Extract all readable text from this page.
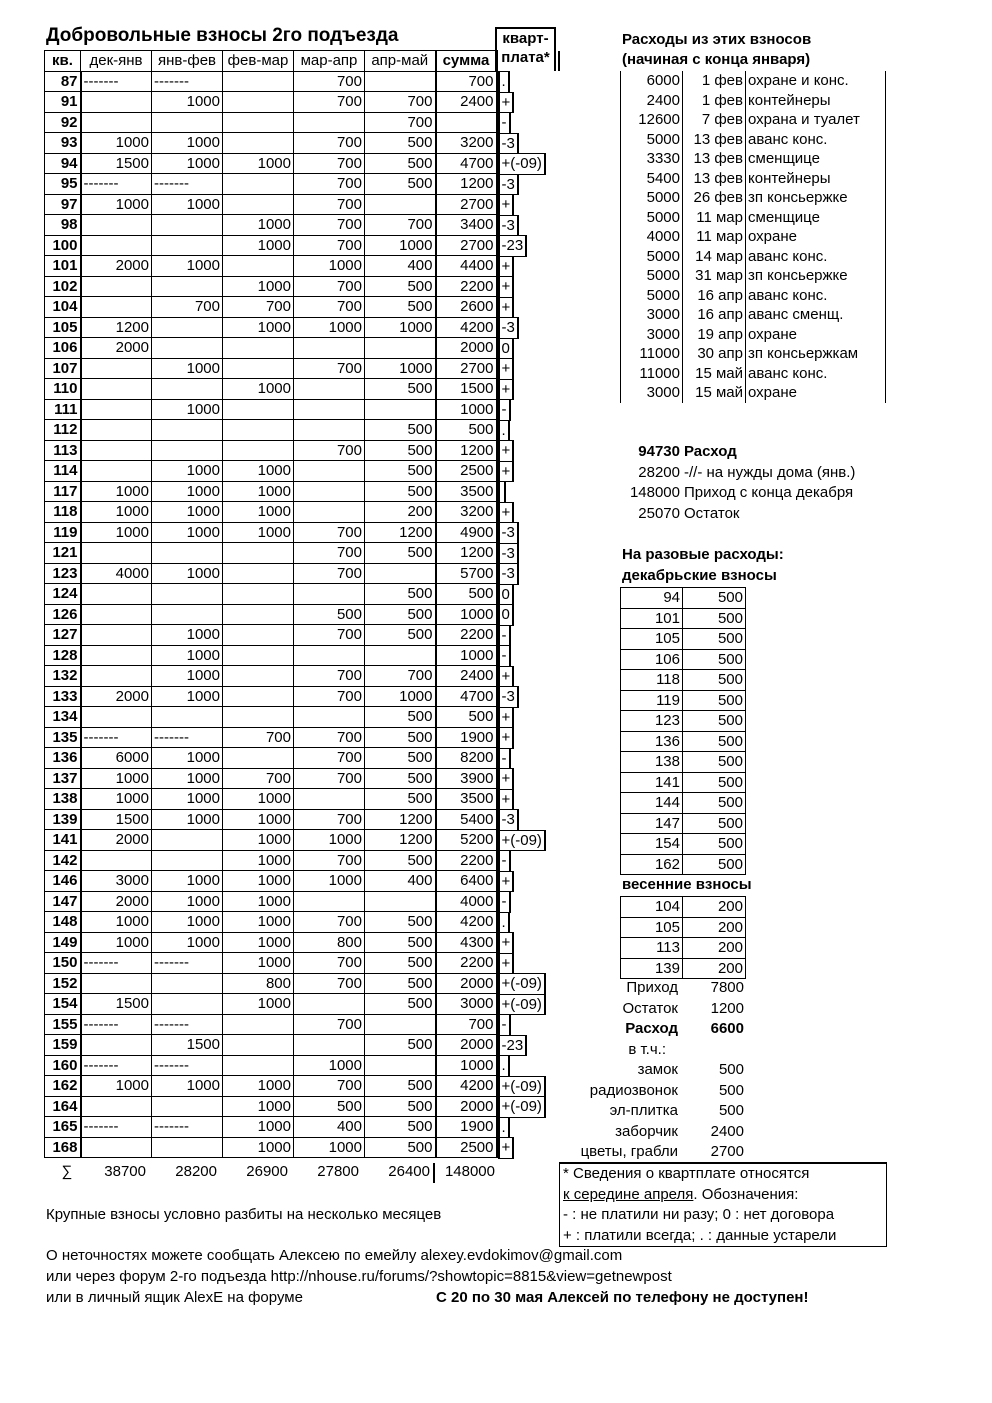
Добровольные взносы 2го подъезда	кварт-
плата*
кв.	дек-янв	янв-фев	фев-мар	мар-апр	апр-май	сумма	
87	-------	-------		700		700	.

91		1000		700	700	2400	+

92					700			-

93	1000	1000		700	500	3200	-3

94	1500	1000	1000	700	500	4700	+(-09)

95	-------	-------		700	500	1200	-3

97	1000	1000		700		2700	+

98			1000	700	700	3400	-3

100			1000	700	1000	2700	-23

101	2000	1000		1000	400	4400	+

102			1000	700	500	2200	+

104		700	700	700	500	2600	+

105	1200		1000	1000	1000	4200	-3

106	2000					2000	0

107		1000		700	1000	2700	+

110			1000		500	1500	+

111		1000				1000	-

112					500	500	.

113				700	500	1200	+

114		1000	1000		500	2500	+

117	1000	1000	1000		500	3500	

118	1000	1000	1000		200	3200	+

119	1000	1000	1000	700	1200	4900	-3

121				700	500	1200	-3

123	4000	1000		700		5700	-3

124					500	500	0

126				500	500	1000	0

127		1000		700	500	2200	-

128		1000				1000	-

132		1000		700	700	2400	+

133	2000	1000		700	1000	4700	-3

134					500	500	+

135	-------	-------	700	700	500	1900	+

136	6000	1000		700	500	8200	-

137	1000	1000	700	700	500	3900	+

138	1000	1000	1000		500	3500	+

139	1500	1000	1000	700	1200	5400	-3

141	2000		1000	1000	1200	5200	+(-09)

142			1000	700	500	2200	-

146	3000	1000	1000	1000	400	6400	+

147	2000	1000	1000			4000	-

148	1000	1000	1000	700	500	4200	.

149	1000	1000	1000	800	500	4300	+

150	-------	-------	1000	700	500	2200	+

152			800	700	500	2000	+(-09)

154	1500		1000		500	3000	+(-09)

155	-------	-------		700		700	-

159		1500			500	2000	-23

160	-------	-------		1000		1000	.

162	1000	1000	1000	700	500	4200	+(-09)

164			1000	500	500	2000	+(-09)

165	-------	-------	1000	400	500	1900	.

168			1000	1000	500	2500	+
∑	38700	28200	26900	27800	26400 148000
Расходы из этих взносов
(начиная с конца января)
6000	1 фев	охране и конс.
2400	1 фев	контейнеры
12600	7 фев	охрана и туалет
5000	13 фев	аванс конс.
3330	13 фев	сменщице
5400	13 фев	контейнеры
5000	26 фев	зп консьержке
5000	11 мар	сменщице
4000	11 мар	охране
5000	14 мар	аванс конс.
5000	31 мар	зп консьержке
5000	16 апр	аванс конс.
3000	16 апр	аванс сменщ.
3000	19 апр	охране
11000	30 апр	зп консьержкам
11000	15 май	аванс конс.
3000	15 май	охране
94730 Расход
28200 -//- на нужды дома (янв.)
148000 Приход с конца декабря
25070 Остаток
На разовые расходы:
декабрьские взносы
94	500
101	500
105	500
106	500
118	500
119	500
123	500
136	500
138	500
141	500
144	500
147	500
154	500
162	500
весенние взносы
104	200
105	200
113	200
139	200
Приход	7800
Остаток	1200
Расход	6600
в т.ч.:
замок	500
радиозвонок	500
эл-плитка	500
заборчик	2400
цветы, грабли	2700
* Сведения о квартплате относятся
к середине апреля. Обозначения:
- : не платили ни разу; 0 : нет договора
+ : платили всегда; . : данные устарели
Крупные взносы условно разбиты на несколько месяцев
О неточностях можете сообщать Алексею по емейлу alexey.evdokimov@gmail.com
или через форум 2-го подъезда http://nhouse.ru/forums/?showtopic=8815&view=getnewpost
или в личный ящик AlexE на форуме	С 20 по 30 мая Алексей по телефону не доступен!
